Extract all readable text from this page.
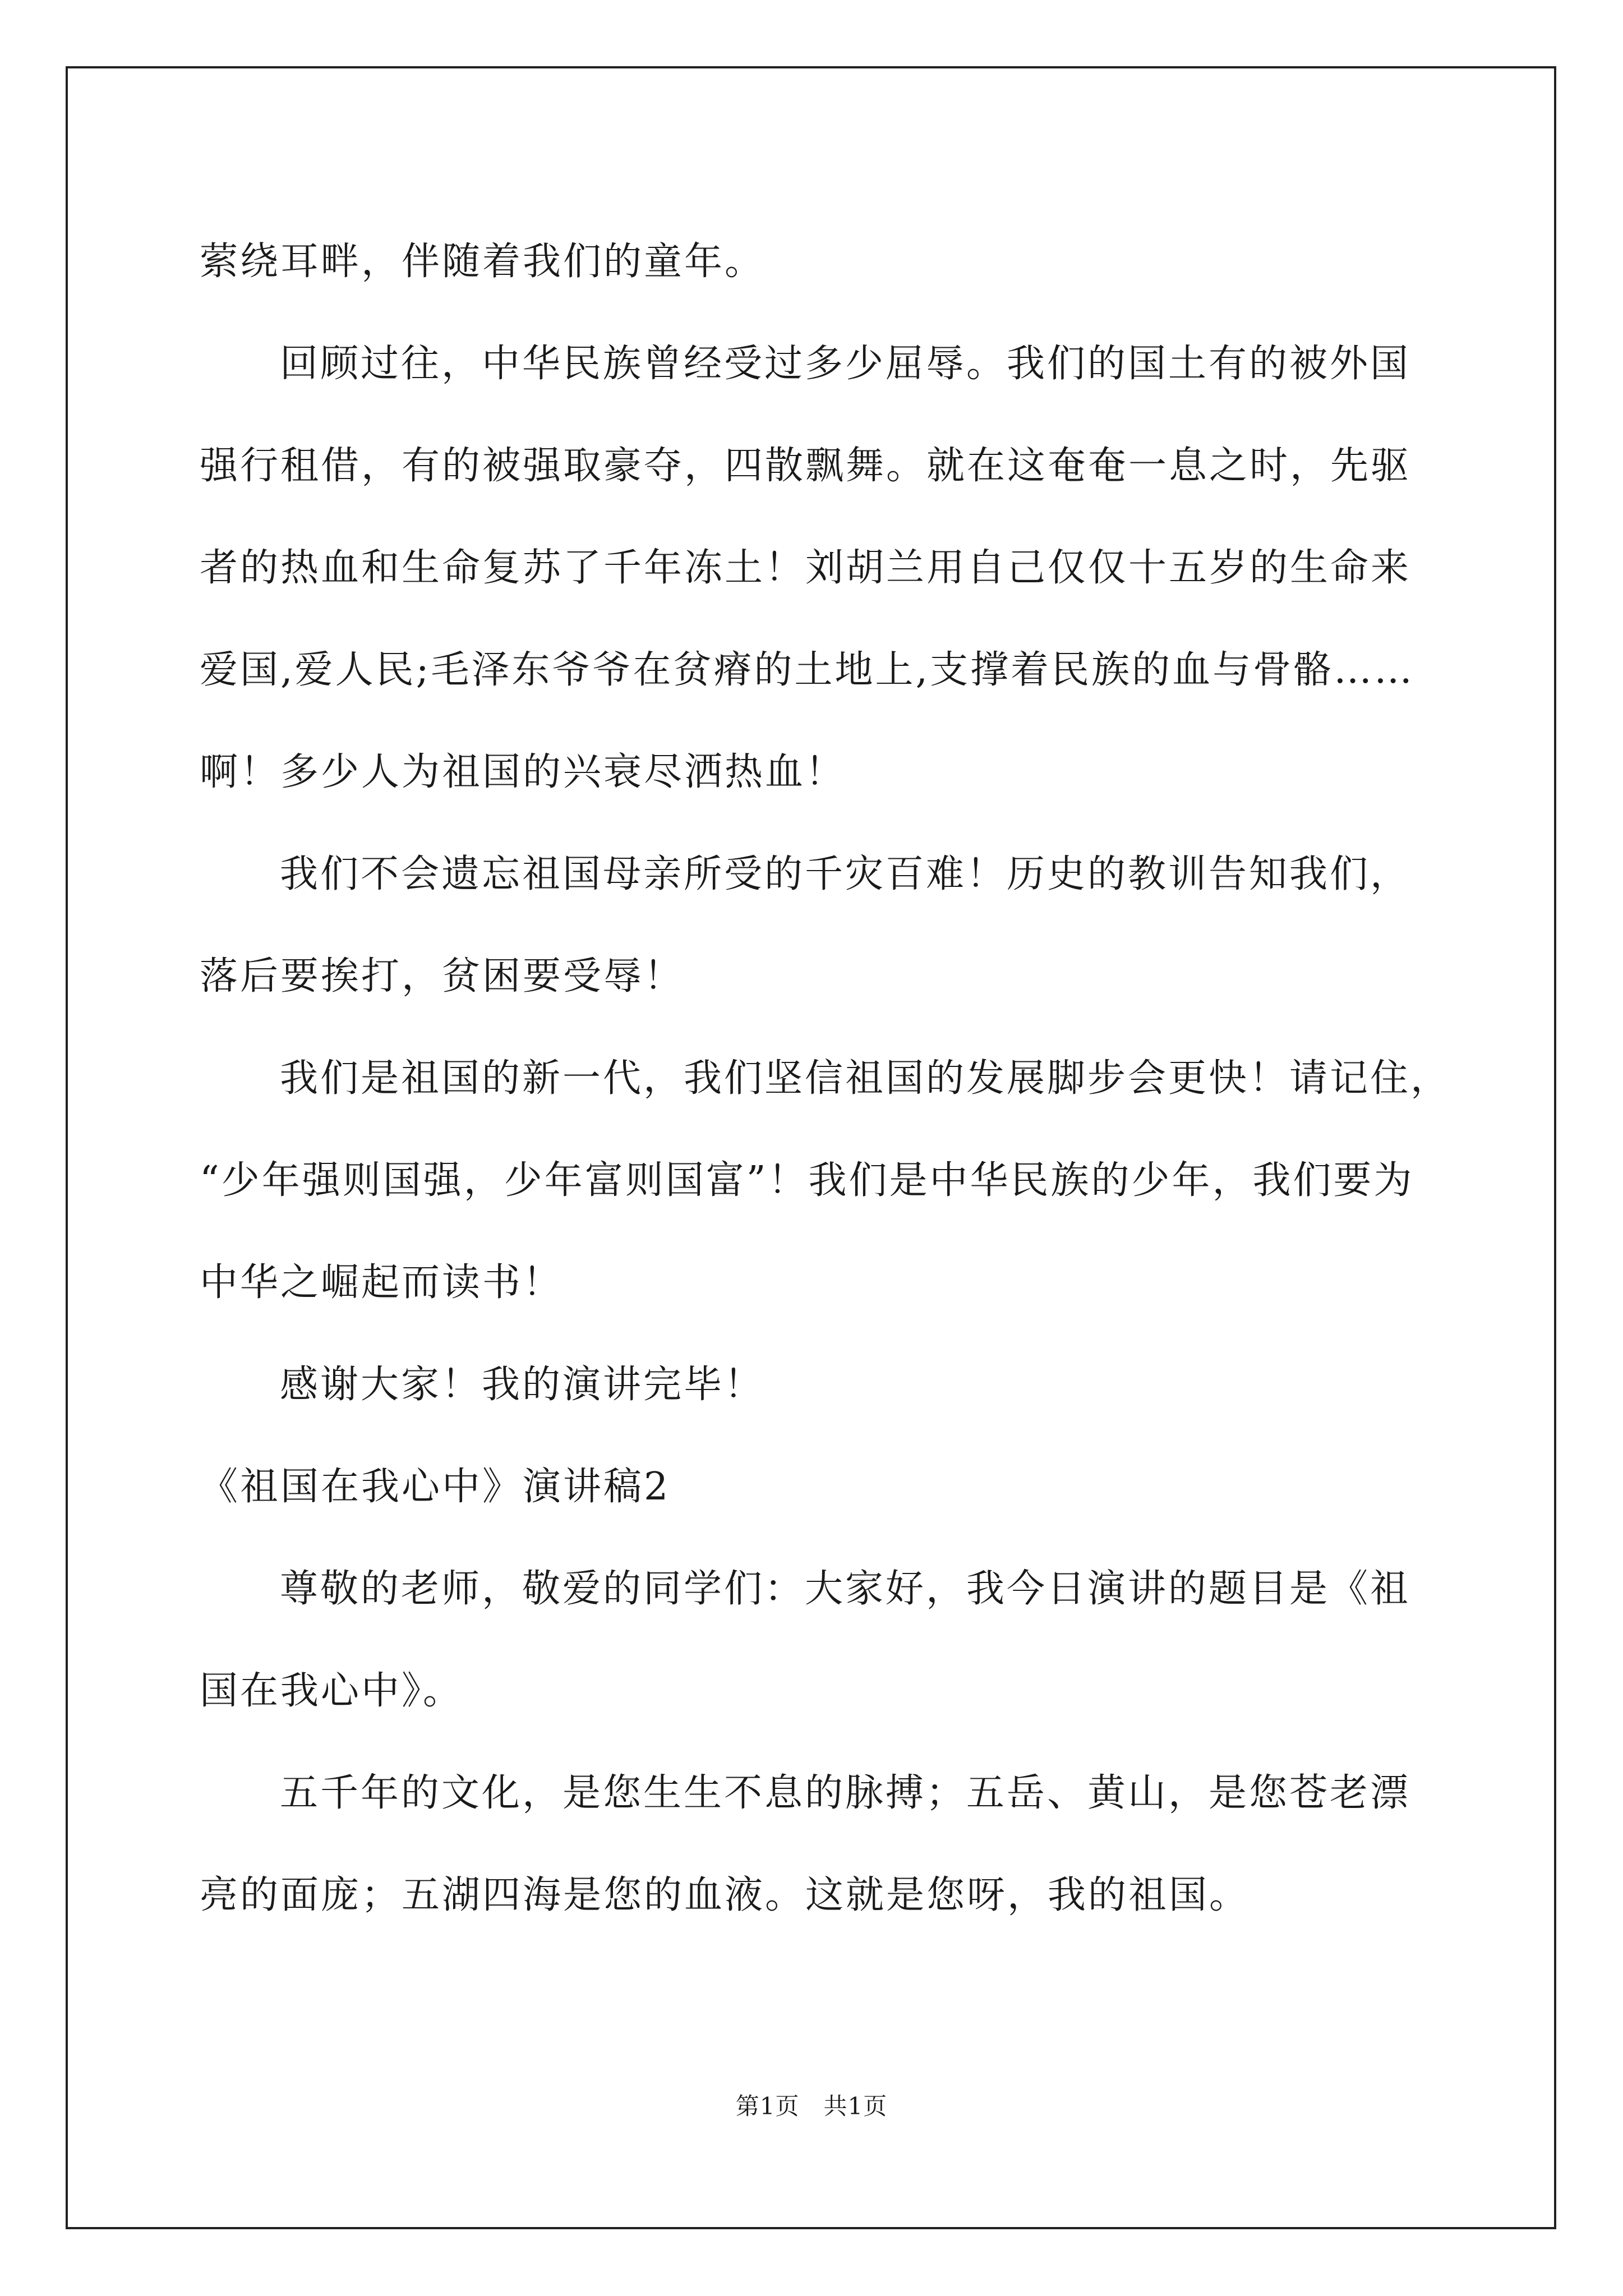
萦绕耳畔，伴随着我们的童年。
回顾过往，中华民族曾经受过多少屈辱。我们的国土有的被外国
强行租借，有的被强取豪夺，四散飘舞。就在这奄奄一息之时，先驱
者的热血和生命复苏了千年冻土！刘胡兰用自己仅仅十五岁的生命来
爱国,爱人民;毛泽东爷爷在贫瘠的土地上,支撑着民族的血与骨骼……
啊！多少人为祖国的兴衰尽洒热血！
我们不会遗忘祖国母亲所受的千灾百难！历史的教训告知我们，
落后要挨打，贫困要受辱！
我们是祖国的新一代，我们坚信祖国的发展脚步会更快！请记住，
“少年强则国强，少年富则国富”！我们是中华民族的少年，我们要为
中华之崛起而读书！
感谢大家！我的演讲完毕！
《祖国在我心中》演讲稿2
尊敬的老师，敬爱的同学们：大家好，我今日演讲的题目是《祖
国在我心中》。
五千年的文化，是您生生不息的脉搏；五岳、黄山，是您苍老漂
亮的面庞；五湖四海是您的血液。这就是您呀，我的祖国。
第1页   共1页
